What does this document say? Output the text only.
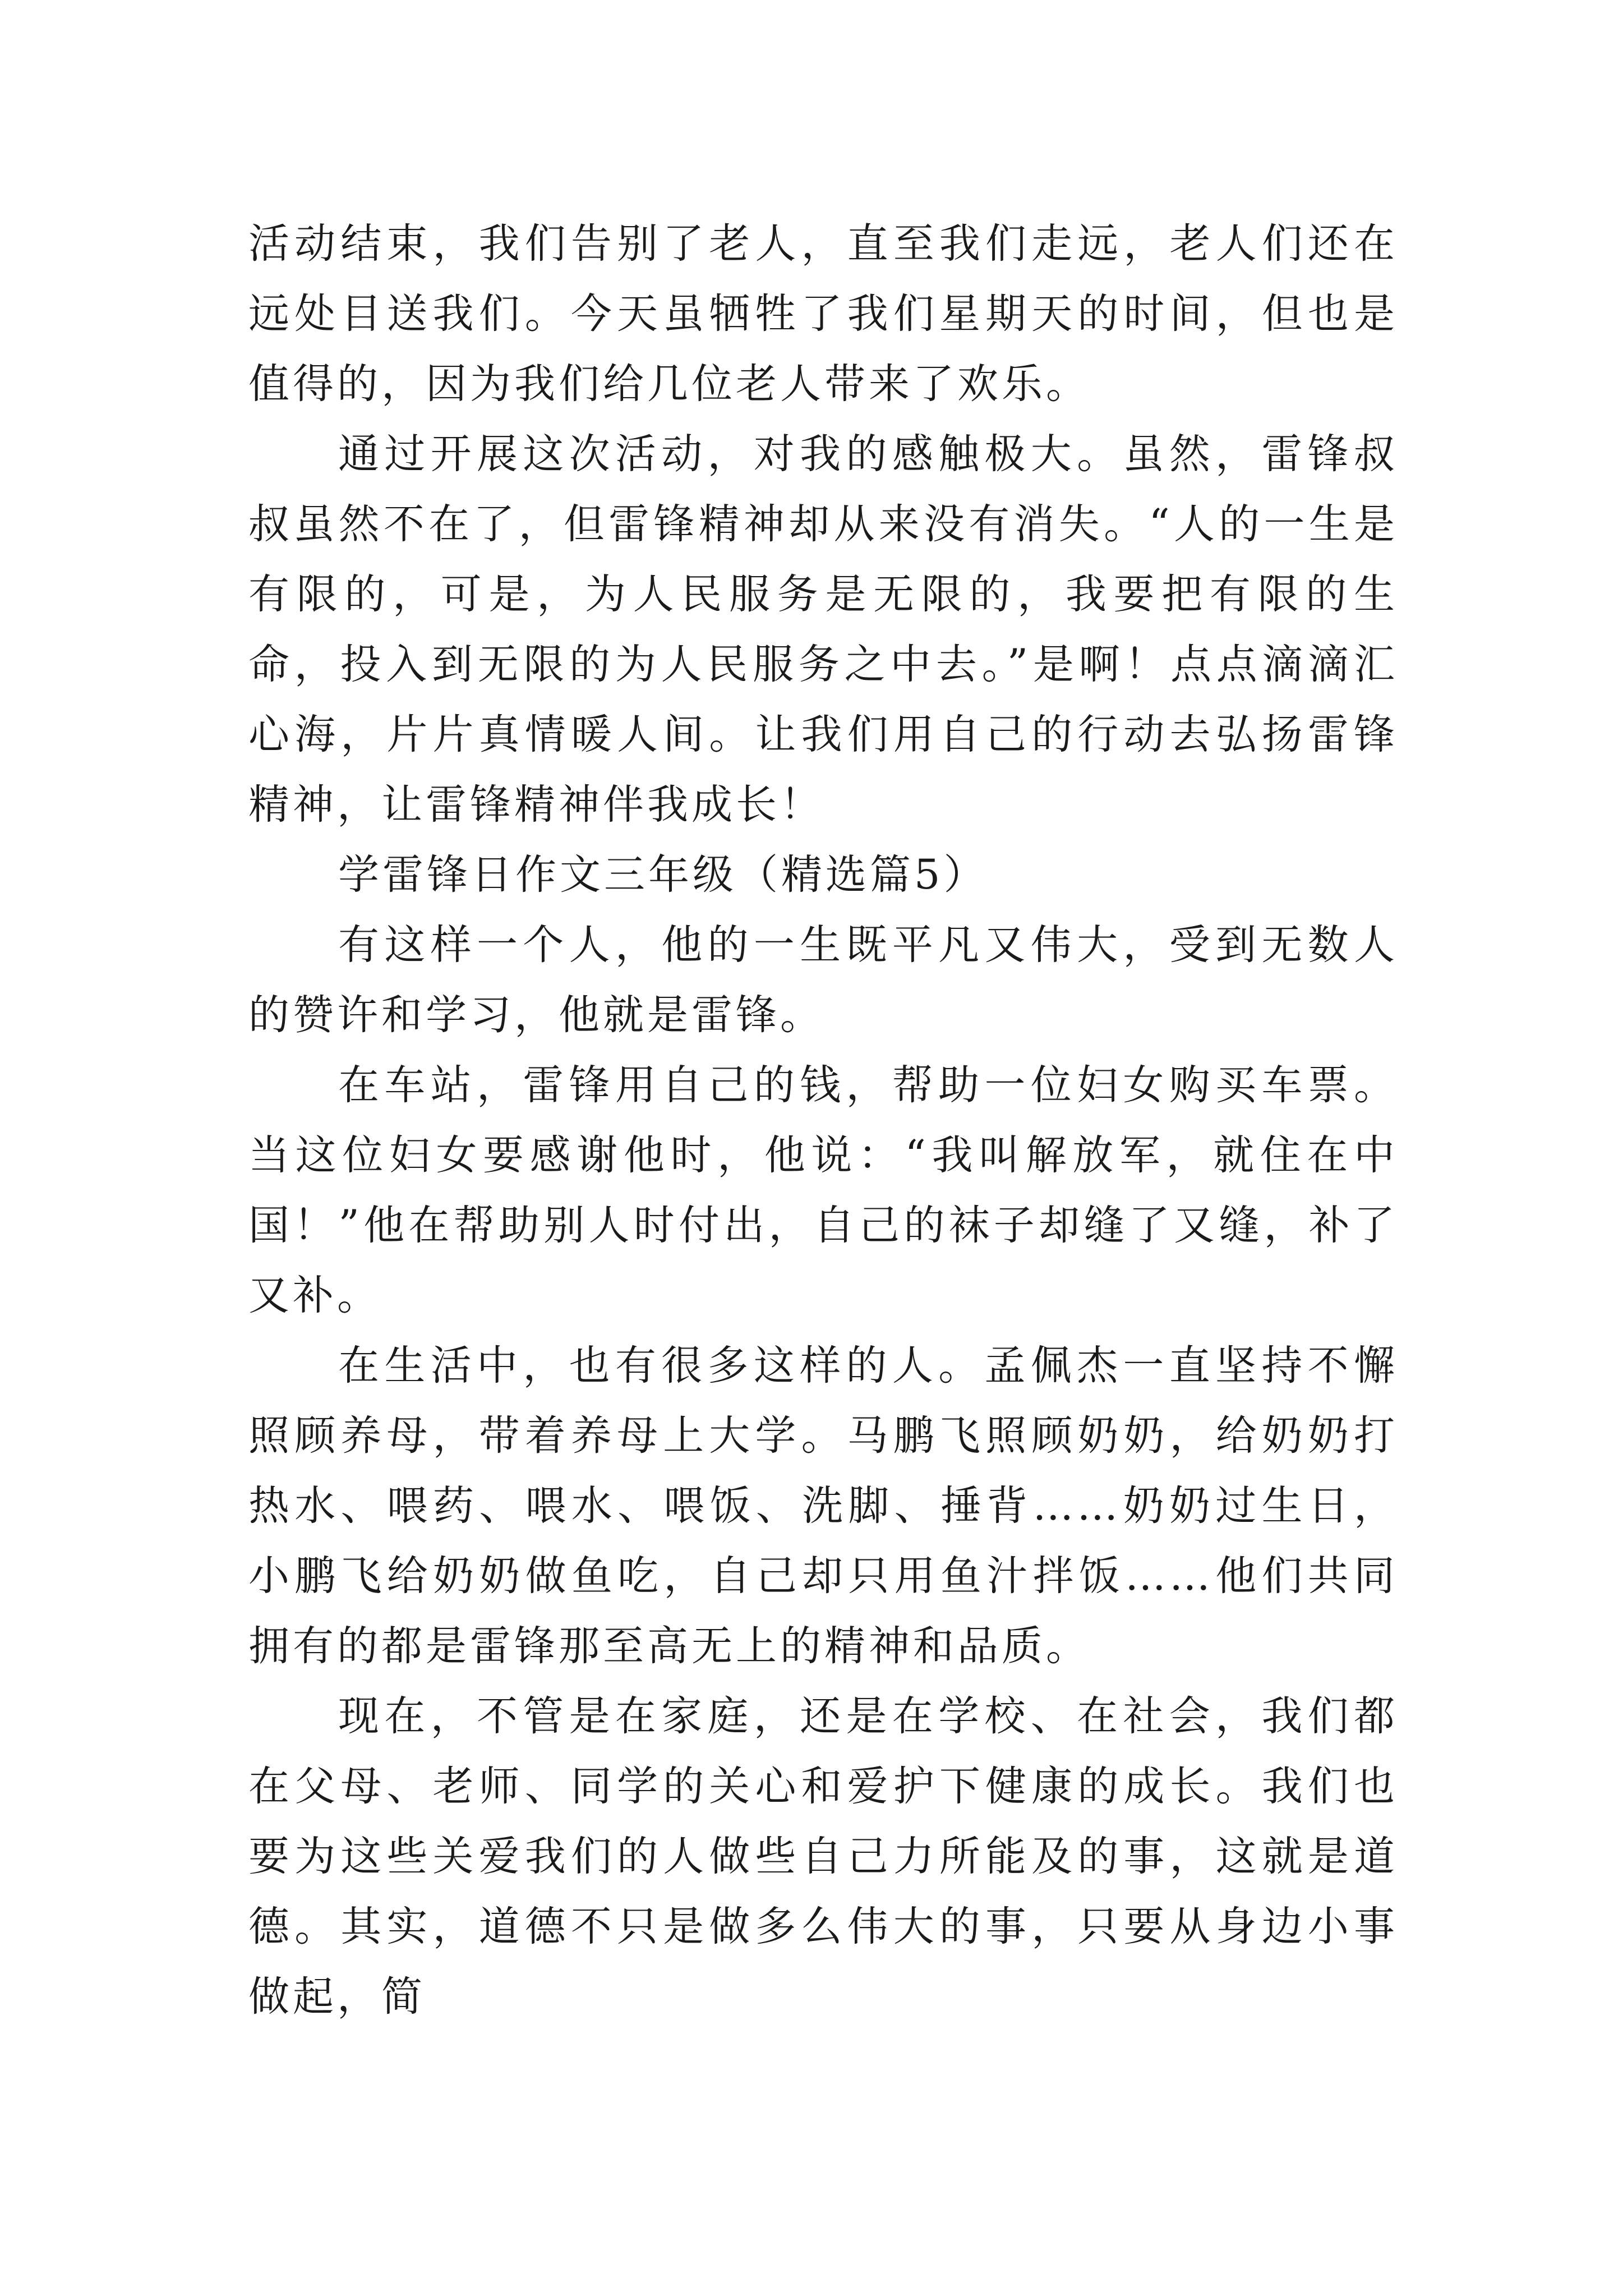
活动结束，我们告别了老人，直至我们走远，老人们还在远处目送我们。今天虽牺牲了我们星期天的时间，但也是值得的，因为我们给几位老人带来了欢乐。

通过开展这次活动，对我的感触极大。虽然，雷锋叔叔虽然不在了，但雷锋精神却从来没有消失。“人的一生是有限的，可是，为人民服务是无限的，我要把有限的生命，投入到无限的为人民服务之中去。”是啊！点点滴滴汇心海，片片真情暖人间。让我们用自己的行动去弘扬雷锋精神，让雷锋精神伴我成长！

学雷锋日作文三年级（精选篇5）

有这样一个人，他的一生既平凡又伟大，受到无数人的赞许和学习，他就是雷锋。

在车站，雷锋用自己的钱，帮助一位妇女购买车票。当这位妇女要感谢他时，他说：“我叫解放军，就住在中国！”他在帮助别人时付出，自己的袜子却缝了又缝，补了又补。

在生活中，也有很多这样的人。孟佩杰一直坚持不懈照顾养母，带着养母上大学。马鹏飞照顾奶奶，给奶奶打热水、喂药、喂水、喂饭、洗脚、捶背……奶奶过生日，小鹏飞给奶奶做鱼吃，自己却只用鱼汁拌饭……他们共同拥有的都是雷锋那至高无上的精神和品质。

现在，不管是在家庭，还是在学校、在社会，我们都在父母、老师、同学的关心和爱护下健康的成长。我们也要为这些关爱我们的人做些自己力所能及的事，这就是道德。其实，道德不只是做多么伟大的事，只要从身边小事做起，简
